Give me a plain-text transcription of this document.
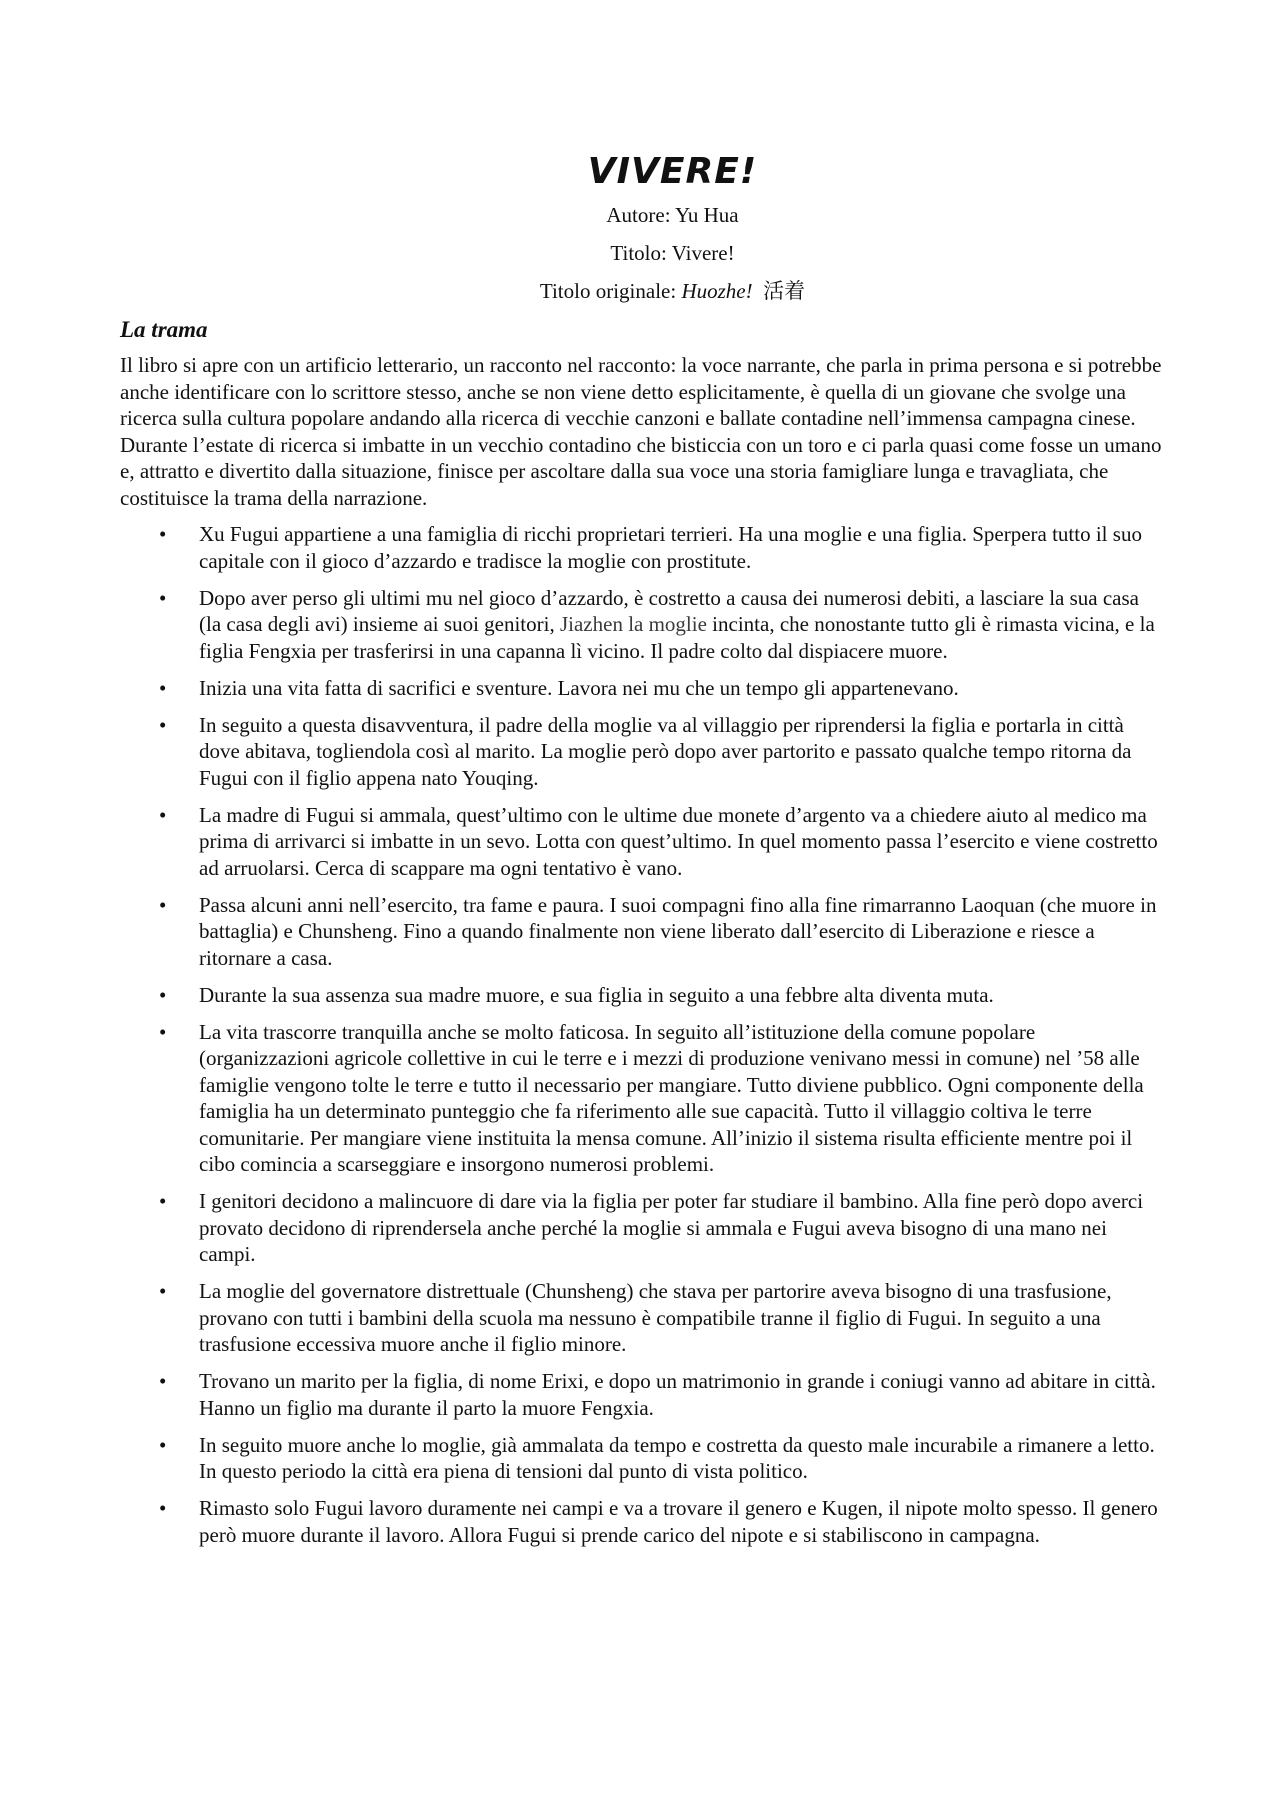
VIVERE!

Autore: Yu Hua

Titolo: Vivere!

Titolo originale: Huozhe! 活着

La trama

Il libro si apre con un artificio letterario, un racconto nel racconto: la voce narrante, che parla in prima persona e si potrebbe anche identificare con lo scrittore stesso, anche se non viene detto esplicitamente, è quella di un giovane che svolge una ricerca sulla cultura popolare andando alla ricerca di vecchie canzoni e ballate contadine nell’immensa campagna cinese. Durante l’estate di ricerca si imbatte in un vecchio contadino che bisticcia con un toro e ci parla quasi come fosse un umano e, attratto e divertito dalla situazione, finisce per ascoltare dalla sua voce una storia famigliare lunga e travagliata, che costituisce la trama della narrazione.

• Xu Fugui appartiene a una famiglia di ricchi proprietari terrieri. Ha una moglie e una figlia. Sperpera tutto il suo capitale con il gioco d’azzardo e tradisce la moglie con prostitute.
• Dopo aver perso gli ultimi mu nel gioco d’azzardo, è costretto a causa dei numerosi debiti, a lasciare la sua casa (la casa degli avi) insieme ai suoi genitori, Jiazhen la moglie incinta, che nonostante tutto gli è rimasta vicina, e la figlia Fengxia per trasferirsi in una capanna lì vicino. Il padre colto dal dispiacere muore.
• Inizia una vita fatta di sacrifici e sventure. Lavora nei mu che un tempo gli appartenevano.
• In seguito a questa disavventura, il padre della moglie va al villaggio per riprendersi la figlia e portarla in città dove abitava, togliendola così al marito. La moglie però dopo aver partorito e passato qualche tempo ritorna da Fugui con il figlio appena nato Youqing.
• La madre di Fugui si ammala, quest’ultimo con le ultime due monete d’argento va a chiedere aiuto al medico ma prima di arrivarci si imbatte in un sevo. Lotta con quest’ultimo. In quel momento passa l’esercito e viene costretto ad arruolarsi. Cerca di scappare ma ogni tentativo è vano.
• Passa alcuni anni nell’esercito, tra fame e paura. I suoi compagni fino alla fine rimarranno Laoquan (che muore in battaglia) e Chunsheng. Fino a quando finalmente non viene liberato dall’esercito di Liberazione e riesce a ritornare a casa.
• Durante la sua assenza sua madre muore, e sua figlia in seguito a una febbre alta diventa muta.
• La vita trascorre tranquilla anche se molto faticosa. In seguito all’istituzione della comune popolare (organizzazioni agricole collettive in cui le terre e i mezzi di produzione venivano messi in comune) nel ’58 alle famiglie vengono tolte le terre e tutto il necessario per mangiare. Tutto diviene pubblico. Ogni componente della famiglia ha un determinato punteggio che fa riferimento alle sue capacità. Tutto il villaggio coltiva le terre comunitarie. Per mangiare viene instituita la mensa comune. All’inizio il sistema risulta efficiente mentre poi il cibo comincia a scarseggiare e insorgono numerosi problemi.
• I genitori decidono a malincuore di dare via la figlia per poter far studiare il bambino. Alla fine però dopo averci provato decidono di riprendersela anche perché la moglie si ammala e Fugui aveva bisogno di una mano nei campi.
• La moglie del governatore distrettuale (Chunsheng) che stava per partorire aveva bisogno di una trasfusione, provano con tutti i bambini della scuola ma nessuno è compatibile tranne il figlio di Fugui. In seguito a una trasfusione eccessiva muore anche il figlio minore.
• Trovano un marito per la figlia, di nome Erixi, e dopo un matrimonio in grande i coniugi vanno ad abitare in città. Hanno un figlio ma durante il parto la muore Fengxia.
• In seguito muore anche lo moglie, già ammalata da tempo e costretta da questo male incurabile a rimanere a letto. In questo periodo la città era piena di tensioni dal punto di vista politico.
• Rimasto solo Fugui lavoro duramente nei campi e va a trovare il genero e Kugen, il nipote molto spesso. Il genero però muore durante il lavoro. Allora Fugui si prende carico del nipote e si stabiliscono in campagna.
